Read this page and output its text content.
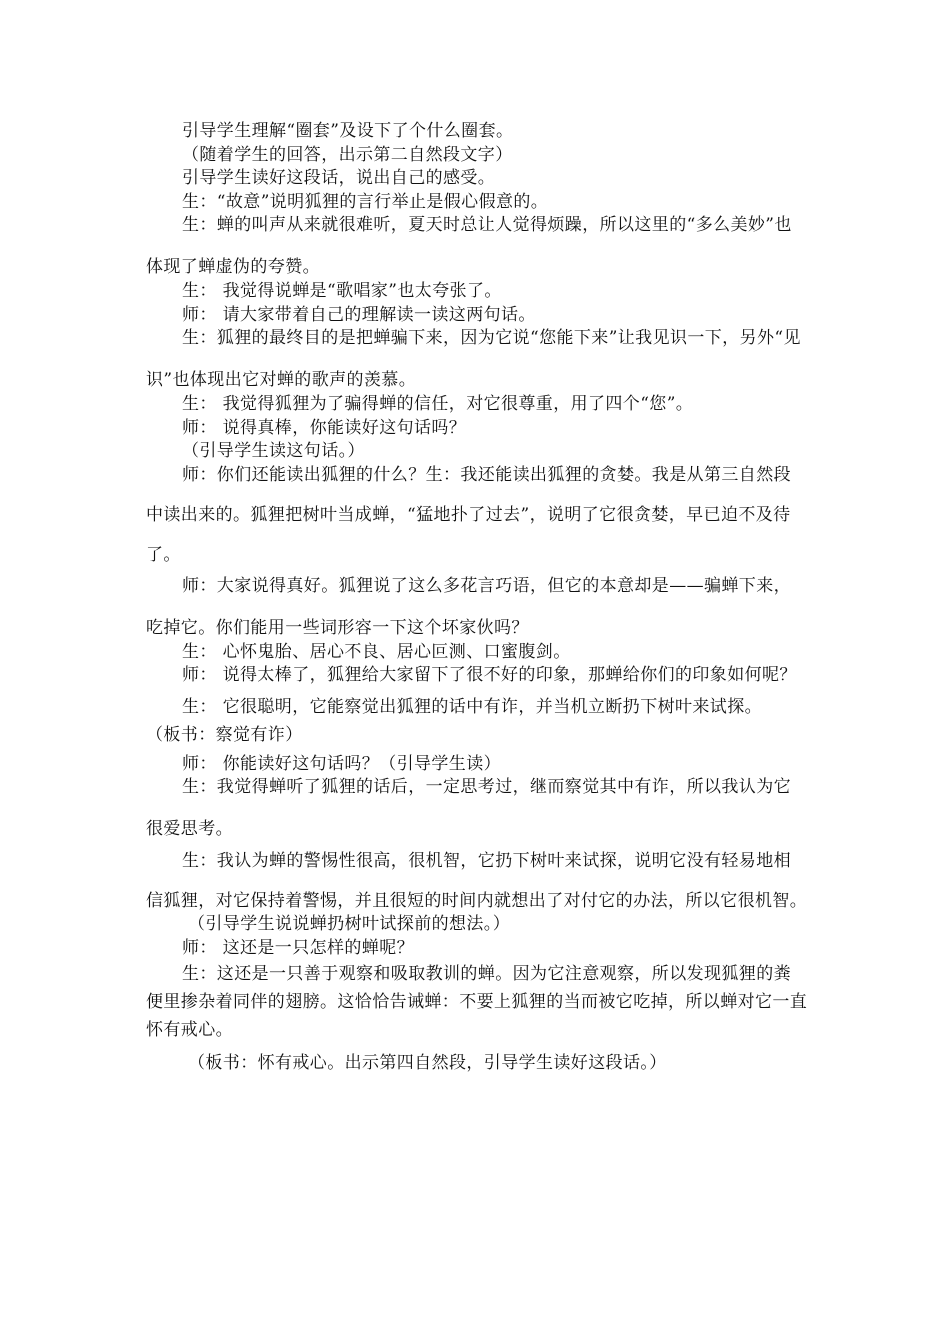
引导学生理解“圈套”及设下了个什么圈套。

（随着学生的回答，出示第二自然段文字）

引导学生读好这段话，说出自己的感受。

生：“故意”说明狐狸的言行举止是假心假意的。

生：蝉的叫声从来就很难听，夏天时总让人觉得烦躁，所以这里的“多么美妙”也体现了蝉虚伪的夸赞。

生： 我觉得说蝉是“歌唱家”也太夸张了。

师： 请大家带着自己的理解读一读这两句话。

生：狐狸的最终目的是把蝉骗下来，因为它说“您能下来”让我见识一下，另外“见识”也体现出它对蝉的歌声的羡慕。

生： 我觉得狐狸为了骗得蝉的信任，对它很尊重，用了四个“您”。

师： 说得真棒，你能读好这句话吗？

（引导学生读这句话。）

师：你们还能读出狐狸的什么？生：我还能读出狐狸的贪婪。我是从第三自然段中读出来的。狐狸把树叶当成蝉，“猛地扑了过去”，说明了它很贪婪，早已迫不及待了。

师：大家说得真好。狐狸说了这么多花言巧语，但它的本意却是——骗蝉下来，吃掉它。你们能用一些词形容一下这个坏家伙吗？

生： 心怀鬼胎、居心不良、居心叵测、口蜜腹剑。

师： 说得太棒了，狐狸给大家留下了很不好的印象，那蝉给你们的印象如何呢？

生： 它很聪明，它能察觉出狐狸的话中有诈，并当机立断扔下树叶来试探。

（板书：察觉有诈）

师： 你能读好这句话吗？（引导学生读）

生：我觉得蝉听了狐狸的话后，一定思考过，继而察觉其中有诈，所以我认为它很爱思考。

生：我认为蝉的警惕性很高，很机智，它扔下树叶来试探，说明它没有轻易地相信狐狸，对它保持着警惕，并且很短的时间内就想出了对付它的办法，所以它很机智。

（引导学生说说蝉扔树叶试探前的想法。）

师： 这还是一只怎样的蝉呢？

生：这还是一只善于观察和吸取教训的蝉。因为它注意观察，所以发现狐狸的粪便里掺杂着同伴的翅膀。这恰恰告诫蝉：不要上狐狸的当而被它吃掉，所以蝉对它一直怀有戒心。

（板书：怀有戒心。出示第四自然段，引导学生读好这段话。）
